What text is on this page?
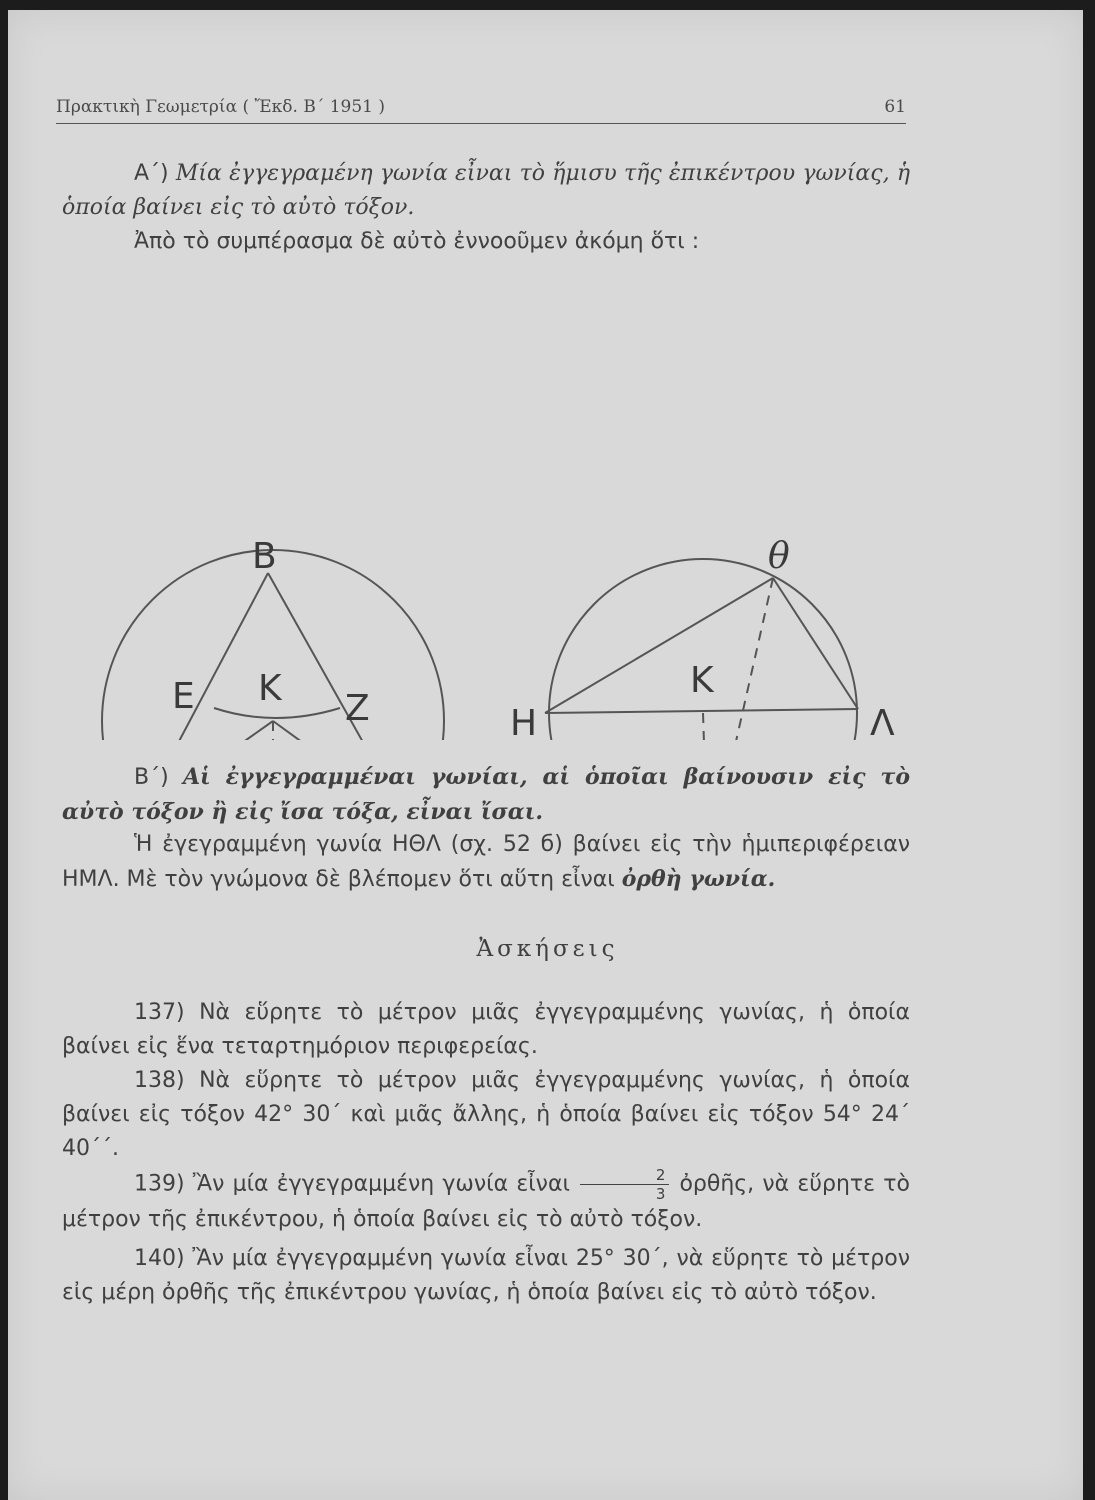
Πρακτικὴ Γεωμετρία ( Ἔκδ. Β΄ 1951 )	61
Α΄) Μία ἐγγεγραμένη γωνία εἶναι τὸ ἥμισυ τῆς ἐπικέντρου γωνίας, ἡ ὁποία βαίνει εἰς τὸ αὐτὸ τόξον.
Ἀπὸ τὸ συμπέρασμα δὲ αὐτὸ ἐννοοῦμεν ἀκόμη ὅτι :
B
E K Z
θ
K
H	Λ
Β΄) Αἱ ἐγγεγραμμέναι γωνίαι, αἱ ὁποῖαι βαίνουσιν εἰς τὸ αὐτὸ τόξον ἢ εἰς ἴσα τόξα, εἶναι ἴσαι.
Ἡ ἐγεγραμμένη γωνία ΗΘΛ (σχ. 52 б) βαίνει εἰς τὴν ἡμιπεριφέρειαν ΗΜΛ. Μὲ τὸν γνώμονα δὲ βλέπομεν ὅτι αὕτη εἶναι ὀρθὴ γωνία.
Ἀσκήσεις
137) Νὰ εὕρητε τὸ μέτρον μιᾶς ἐγγεγραμμένης γωνίας, ἡ ὁποία βαίνει εἰς ἕνα τεταρτημόριον περιφερείας.
138) Νὰ εὕρητε τὸ μέτρον μιᾶς ἐγγεγραμμένης γωνίας, ἡ ὁποία βαίνει εἰς τόξον 42° 30΄ καὶ μιᾶς ἄλλης, ἡ ὁποία βαίνει εἰς τόξον 54° 24΄ 40΄΄.
139) Ἂν μία ἐγγεγραμμένη γωνία εἶναι $\frac{2}{3}$ ὀρθῆς, νὰ εὕρητε τὸ μέτρον τῆς ἐπικέντρου, ἡ ὁποία βαίνει εἰς τὸ αὐτὸ τόξον.
140) Ἂν μία ἐγγεγραμμένη γωνία εἶναι 25° 30΄, νὰ εὕρητε τὸ μέτρον εἰς μέρη ὀρθῆς τῆς ἐπικέντρου γωνίας, ἡ ὁποία βαίνει εἰς τὸ αὐτὸ τόξον.
